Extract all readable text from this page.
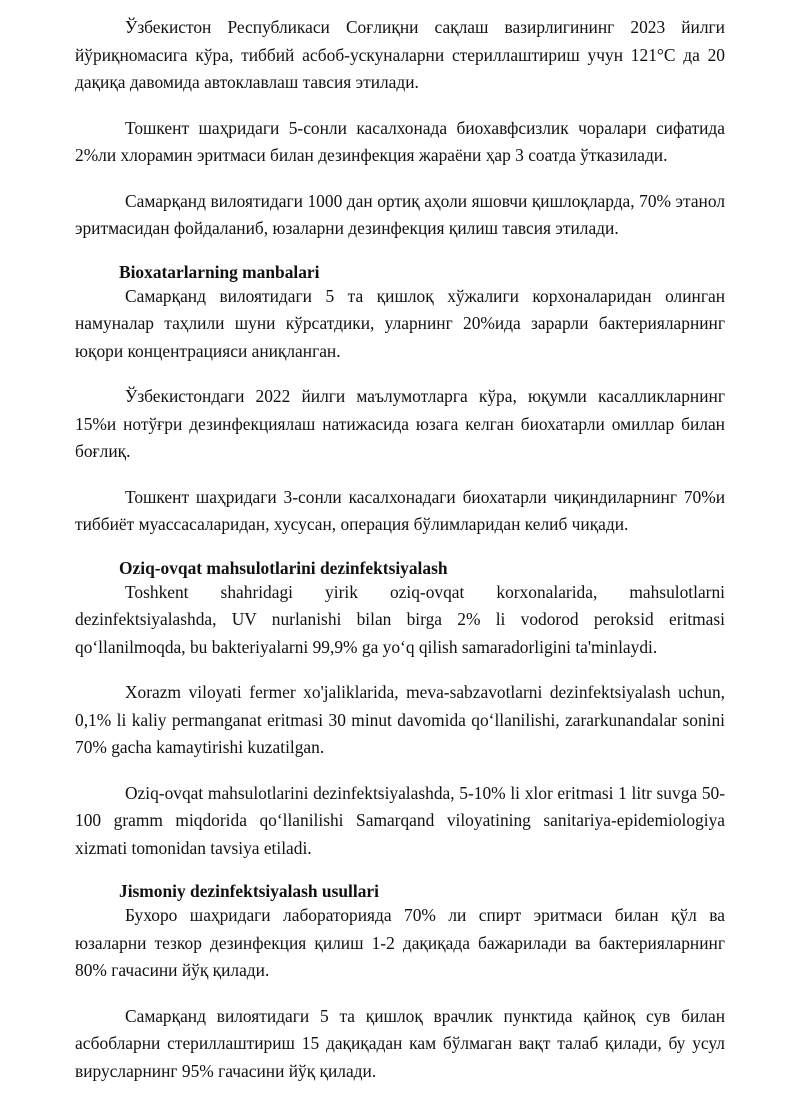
Ўзбекистон Республикаси Соғлиқни сақлаш вазирлигининг 2023 йилги йўриқномасига кўра, тиббий асбоб-ускуналарни стериллаштириш учун 121°C да 20 дақиқа давомида автоклавлаш тавсия этилади.

Тошкент шаҳридаги 5-сонли касалхонада биохавфсизлик чоралари сифатида 2%ли хлорамин эритмаси билан дезинфекция жараёни ҳар 3 соатда ўтказилади.

Самарқанд вилоятидаги 1000 дан ортиқ аҳоли яшовчи қишлоқларда, 70% этанол эритмасидан фойдаланиб, юзаларни дезинфекция қилиш тавсия этилади.

Bioxatarlarning manbalari

Самарқанд вилоятидаги 5 та қишлоқ хўжалиги корхоналаридан олинган намуналар таҳлили шуни кўрсатдики, уларнинг 20%ида зарарли бактерияларнинг юқори концентрацияси аниқланган.

Ўзбекистондаги 2022 йилги маълумотларга кўра, юқумли касалликларнинг 15%и нотўғри дезинфекциялаш натижасида юзага келган биохатарли омиллар билан боғлиқ.

Тошкент шаҳридаги 3-сонли касалхонадаги биохатарли чиқиндиларнинг 70%и тиббиёт муассасаларидан, хусусан, операция бўлимларидан келиб чиқади.

Oziq-ovqat mahsulotlarini dezinfektsiyalash

Toshkent shahridagi yirik oziq-ovqat korxonalarida, mahsulotlarni dezinfektsiyalashda, UV nurlanishi bilan birga 2% li vodorod peroksid eritmasi qo‘llanilmoqda, bu bakteriyalarni 99,9% ga yo‘q qilish samaradorligini ta'minlaydi.

Xorazm viloyati fermer xo'jaliklarida, meva-sabzavotlarni dezinfektsiyalash uchun, 0,1% li kaliy permanganat eritmasi 30 minut davomida qo‘llanilishi, zararkunandalar sonini 70% gacha kamaytirishi kuzatilgan.

Oziq-ovqat mahsulotlarini dezinfektsiyalashda, 5-10% li xlor eritmasi 1 litr suvga 50-100 gramm miqdorida qo‘llanilishi Samarqand viloyatining sanitariya-epidemiologiya xizmati tomonidan tavsiya etiladi.

Jismoniy dezinfektsiyalash usullari

Бухоро шаҳридаги лабораторияда 70% ли спирт эритмаси билан қўл ва юзаларни тезкор дезинфекция қилиш 1-2 дақиқада бажарилади ва бактерияларнинг 80% гачасини йўқ қилади.

Самарқанд вилоятидаги 5 та қишлоқ врачлик пунктида қайноқ сув билан асбобларни стериллаштириш 15 дақиқадан кам бўлмаган вақт талаб қилади, бу усул вирусларнинг 95% гачасини йўқ қилади.
